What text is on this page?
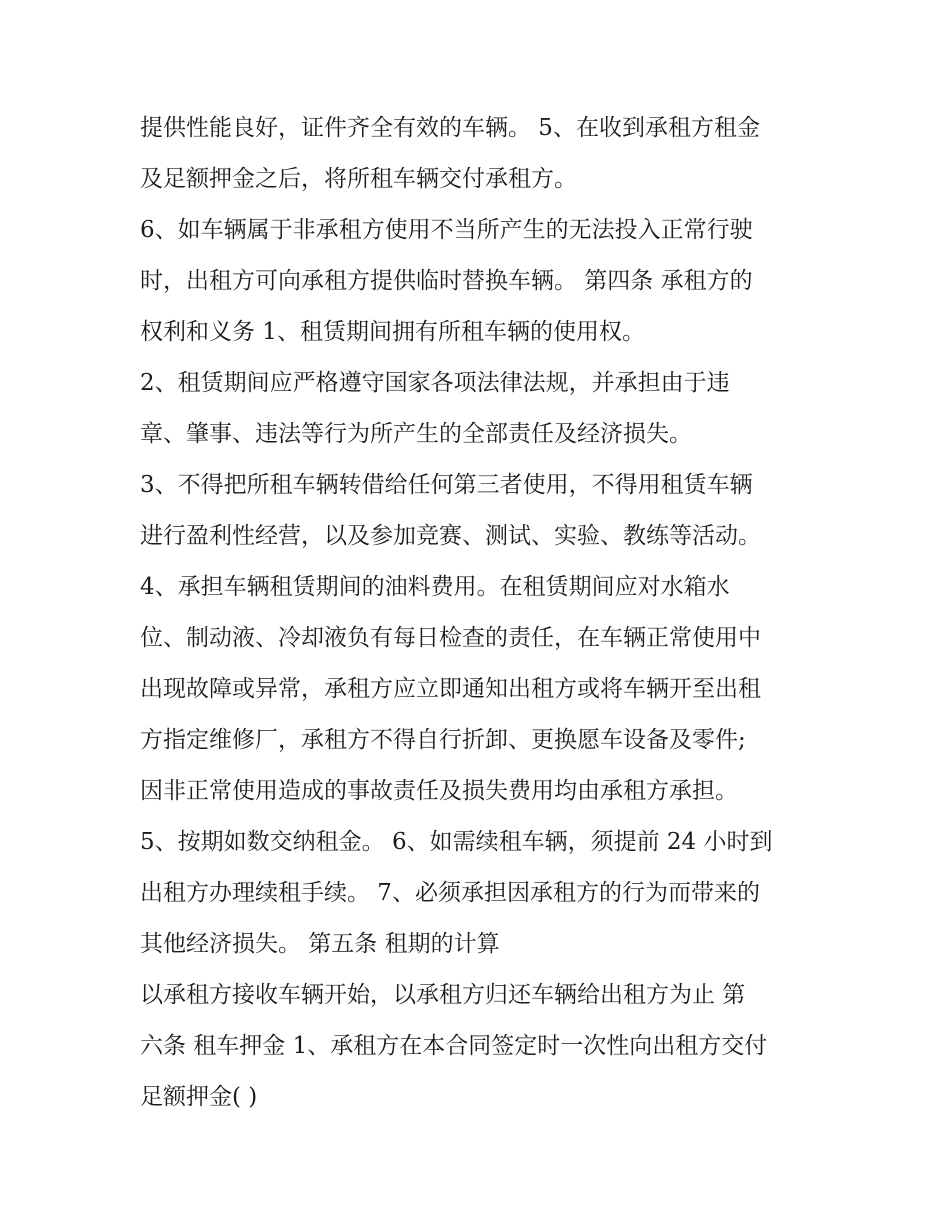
提供性能良好，证件齐全有效的车辆。 5、在收到承租方租金

及足额押金之后，将所租车辆交付承租方。

6、如车辆属于非承租方使用不当所产生的无法投入正常行驶

时，出租方可向承租方提供临时替换车辆。 第四条 承租方的

权利和义务 1、租赁期间拥有所租车辆的使用权。

2、租赁期间应严格遵守国家各项法律法规，并承担由于违

章、肇事、违法等行为所产生的全部责任及经济损失。

3、不得把所租车辆转借给任何第三者使用，不得用租赁车辆

进行盈利性经营，以及参加竞赛、测试、实验、教练等活动。

4、承担车辆租赁期间的油料费用。在租赁期间应对水箱水

位、制动液、冷却液负有每日检查的责任，在车辆正常使用中

出现故障或异常，承租方应立即通知出租方或将车辆开至出租

方指定维修厂，承租方不得自行折卸、更换愿车设备及零件;

因非正常使用造成的事故责任及损失费用均由承租方承担。

5、按期如数交纳租金。 6、如需续租车辆，须提前 24 小时到

出租方办理续租手续。 7、必须承担因承租方的行为而带来的

其他经济损失。 第五条 租期的计算

以承租方接收车辆开始，以承租方归还车辆给出租方为止 第

六条 租车押金 1、承租方在本合同签定时一次性向出租方交付

足额押金( )
